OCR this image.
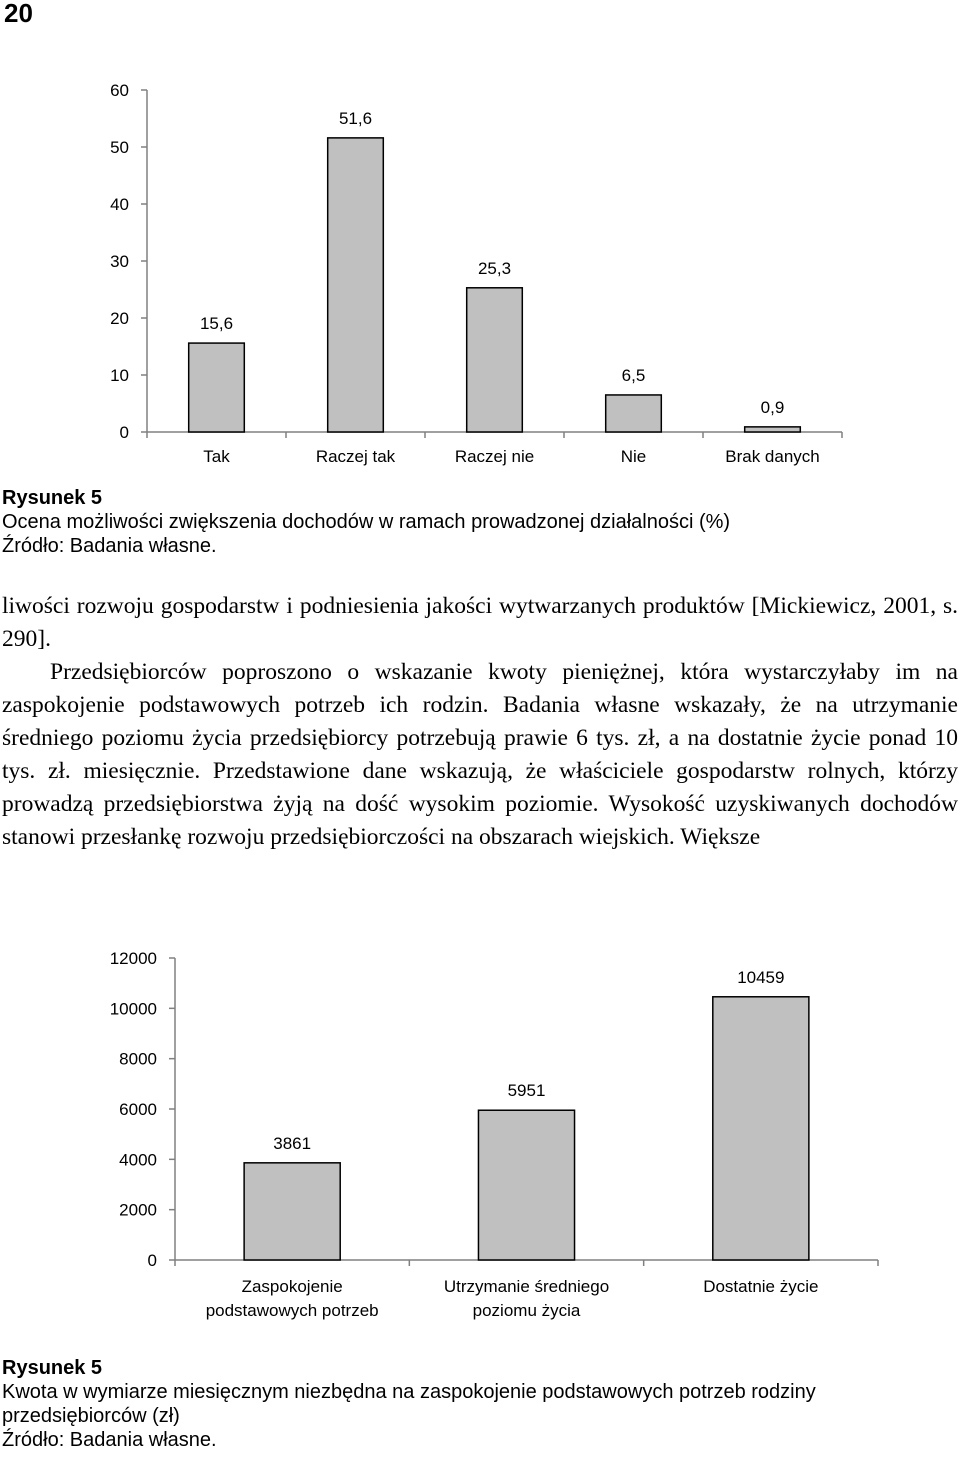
20
0
10
20
30
40
50
60
15,6
Tak
51,6
Raczej tak
25,3
Raczej nie
6,5
Nie
0,9
Brak danych
Rysunek 5
Ocena możliwości zwiększenia dochodów w ramach prowadzonej działalności (%)
Źródło: Badania własne.

liwości rozwoju gospodarstw i podniesienia jakości wytwarzanych produktów [Mickiewicz, 2001, s. 290].

Przedsiębiorców poproszono o wskazanie kwoty pieniężnej, która wystarczyłaby im na zaspokojenie podstawowych potrzeb ich rodzin. Badania własne wskazały, że na utrzymanie średniego poziomu życia przedsiębiorcy potrzebują prawie 6 tys. zł, a na dostatnie życie ponad 10 tys. zł. miesięcznie. Przedstawione dane wskazują, że właściciele gospodarstw rolnych, którzy prowadzą przedsiębiorstwa żyją na dość wysokim poziomie. Wysokość uzyskiwanych dochodów stanowi przesłankę rozwoju przedsiębiorczości na obszarach wiejskich. Większe

0
2000
4000
6000
8000
10000
12000
3861
Zaspokojenie
podstawowych potrzeb
5951
Utrzymanie średniego
poziomu życia
10459
Dostatnie życie
Rysunek 5
Kwota w wymiarze miesięcznym niezbędna na zaspokojenie podstawowych potrzeb rodziny przedsiębiorców (zł)
Źródło: Badania własne.
